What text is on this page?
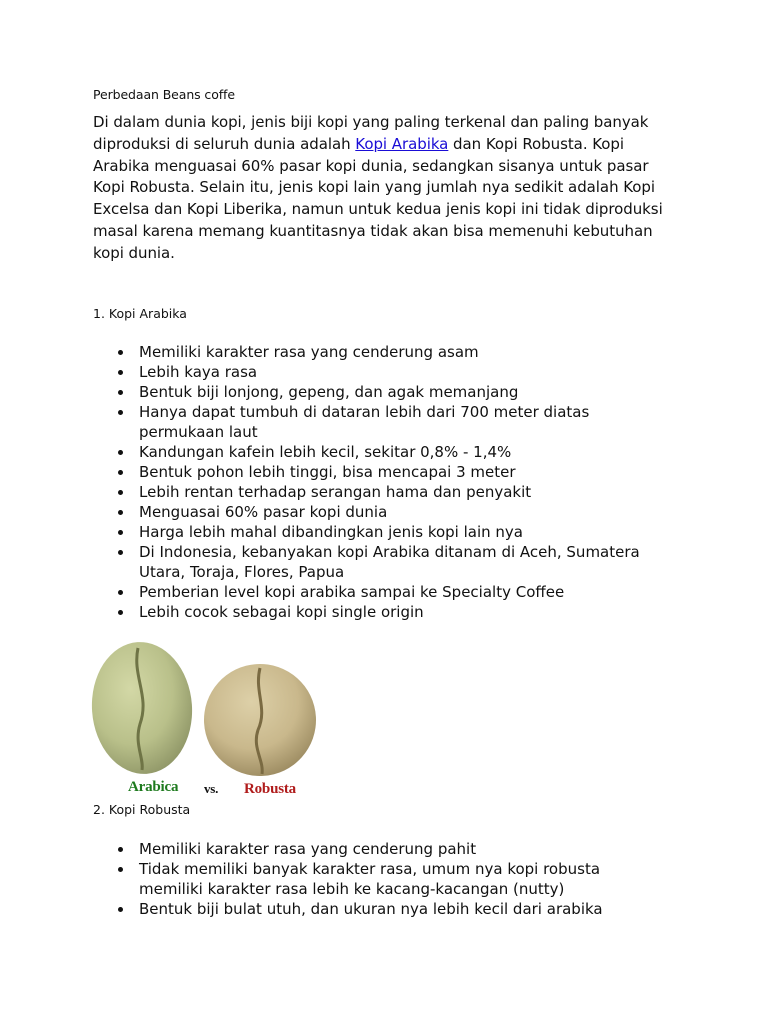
Perbedaan Beans coffe

Di dalam dunia kopi, jenis biji kopi yang paling terkenal dan paling banyak diproduksi di seluruh dunia adalah Kopi Arabika dan Kopi Robusta. Kopi Arabika menguasai 60% pasar kopi dunia, sedangkan sisanya untuk pasar Kopi Robusta. Selain itu, jenis kopi lain yang jumlah nya sedikit adalah Kopi Excelsa dan Kopi Liberika, namun untuk kedua jenis kopi ini tidak diproduksi masal karena memang kuantitasnya tidak akan bisa memenuhi kebutuhan kopi dunia.

1. Kopi Arabika
Memiliki karakter rasa yang cenderung asam
Lebih kaya rasa
Bentuk biji lonjong, gepeng, dan agak memanjang
Hanya dapat tumbuh di dataran lebih dari 700 meter diatas permukaan laut
Kandungan kafein lebih kecil, sekitar 0,8% - 1,4%
Bentuk pohon lebih tinggi, bisa mencapai 3 meter
Lebih rentan terhadap serangan hama dan penyakit
Menguasai 60% pasar kopi dunia
Harga lebih mahal dibandingkan jenis kopi lain nya
Di Indonesia, kebanyakan kopi Arabika ditanam di Aceh, Sumatera Utara, Toraja, Flores, Papua
Pemberian level kopi arabika sampai ke Specialty Coffee
Lebih cocok sebagai kopi single origin
Arabica vs. Robusta
2. Kopi Robusta
Memiliki karakter rasa yang cenderung pahit
Tidak memiliki banyak karakter rasa, umum nya kopi robusta memiliki karakter rasa lebih ke kacang-kacangan (nutty)
Bentuk biji bulat utuh, dan ukuran nya lebih kecil dari arabika
